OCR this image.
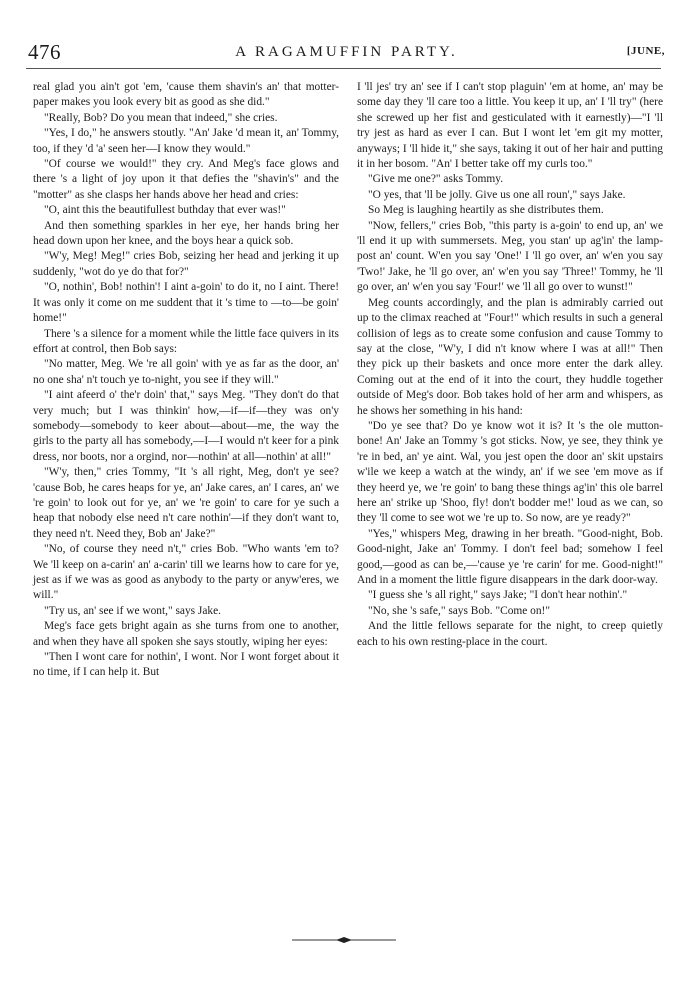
476	A RAGAMUFFIN PARTY.	[JUNE,

real glad you ain't got 'em, 'cause them shavin's an' that motter-paper makes you look every bit as good as she did."

"Really, Bob? Do you mean that indeed," she cries.

"Yes, I do," he answers stoutly. "An' Jake 'd mean it, an' Tommy, too, if they 'd 'a' seen her—I know they would."

"Of course we would!" they cry. And Meg's face glows and there 's a light of joy upon it that defies the "shavin's" and the "motter" as she clasps her hands above her head and cries:

"O, aint this the beautifullest buthday that ever was!"

And then something sparkles in her eye, her hands bring her head down upon her knee, and the boys hear a quick sob.

"W'y, Meg! Meg!" cries Bob, seizing her head and jerking it up suddenly, "wot do ye do that for?"

"O, nothin', Bob! nothin'! I aint a-goin' to do it, no I aint. There! It was only it come on me suddent that it 's time to —to—be goin' home!"

There 's a silence for a moment while the little face quivers in its effort at control, then Bob says:

"No matter, Meg. We 're all goin' with ye as far as the door, an' no one sha' n't touch ye to-night, you see if they will."

"I aint afeerd o' the'r doin' that," says Meg. "They don't do that very much; but I was thinkin' how,—if—if—they was on'y somebody—somebody to keer about—about—me, the way the girls to the party all has somebody,—I—I would n't keer for a pink dress, nor boots, nor a orgind, nor—nothin' at all—nothin' at all!"

"W'y, then," cries Tommy, "It 's all right, Meg, don't ye see? 'cause Bob, he cares heaps for ye, an' Jake cares, an' I cares, an' we 're goin' to look out for ye, an' we 're goin' to care for ye such a heap that nobody else need n't care nothin'—if they don't want to, they need n't. Need they, Bob an' Jake?"

"No, of course they need n't," cries Bob. "Who wants 'em to? We 'll keep on a-carin' an' a-carin' till we learns how to care for ye, jest as if we was as good as anybody to the party or anyw'eres, we will."

"Try us, an' see if we wont," says Jake.

Meg's face gets bright again as she turns from one to another, and when they have all spoken she says stoutly, wiping her eyes:

"Then I wont care for nothin', I wont. Nor I wont forget about it no time, if I can help it. But

I 'll jes' try an' see if I can't stop plaguin' 'em at home, an' may be some day they 'll care too a little. You keep it up, an' I 'll try" (here she screwed up her fist and gesticulated with it earnestly)—"I 'll try jest as hard as ever I can. But I wont let 'em git my motter, anyways; I 'll hide it," she says, taking it out of her hair and putting it in her bosom. "An' I better take off my curls too."

"Give me one?" asks Tommy.

"O yes, that 'll be jolly. Give us one all roun'," says Jake.

So Meg is laughing heartily as she distributes them.

"Now, fellers," cries Bob, "this party is a-goin' to end up, an' we 'll end it up with summersets. Meg, you stan' up ag'in' the lamp-post an' count. W'en you say 'One!' I 'll go over, an' w'en you say 'Two!' Jake, he 'll go over, an' w'en you say 'Three!' Tommy, he 'll go over, an' w'en you say 'Four!' we 'll all go over to wunst!"

Meg counts accordingly, and the plan is admirably carried out up to the climax reached at "Four!" which results in such a general collision of legs as to create some confusion and cause Tommy to say at the close, "W'y, I did n't know where I was at all!" Then they pick up their baskets and once more enter the dark alley. Coming out at the end of it into the court, they huddle together outside of Meg's door. Bob takes hold of her arm and whispers, as he shows her something in his hand:

"Do ye see that? Do ye know wot it is? It 's the ole mutton-bone! An' Jake an Tommy 's got sticks. Now, ye see, they think ye 're in bed, an' ye aint. Wal, you jest open the door an' skit upstairs w'ile we keep a watch at the windy, an' if we see 'em move as if they heerd ye, we 're goin' to bang these things ag'in' this ole barrel here an' strike up 'Shoo, fly! don't bodder me!' loud as we can, so they 'll come to see wot we 're up to. So now, are ye ready?"

"Yes," whispers Meg, drawing in her breath. "Good-night, Bob. Good-night, Jake an' Tommy. I don't feel bad; somehow I feel good,—good as can be,—'cause ye 're carin' for me. Good-night!" And in a moment the little figure disappears in the dark door-way.

"I guess she 's all right," says Jake; "I don't hear nothin'."

"No, she 's safe," says Bob. "Come on!"

And the little fellows separate for the night, to creep quietly each to his own resting-place in the court.
